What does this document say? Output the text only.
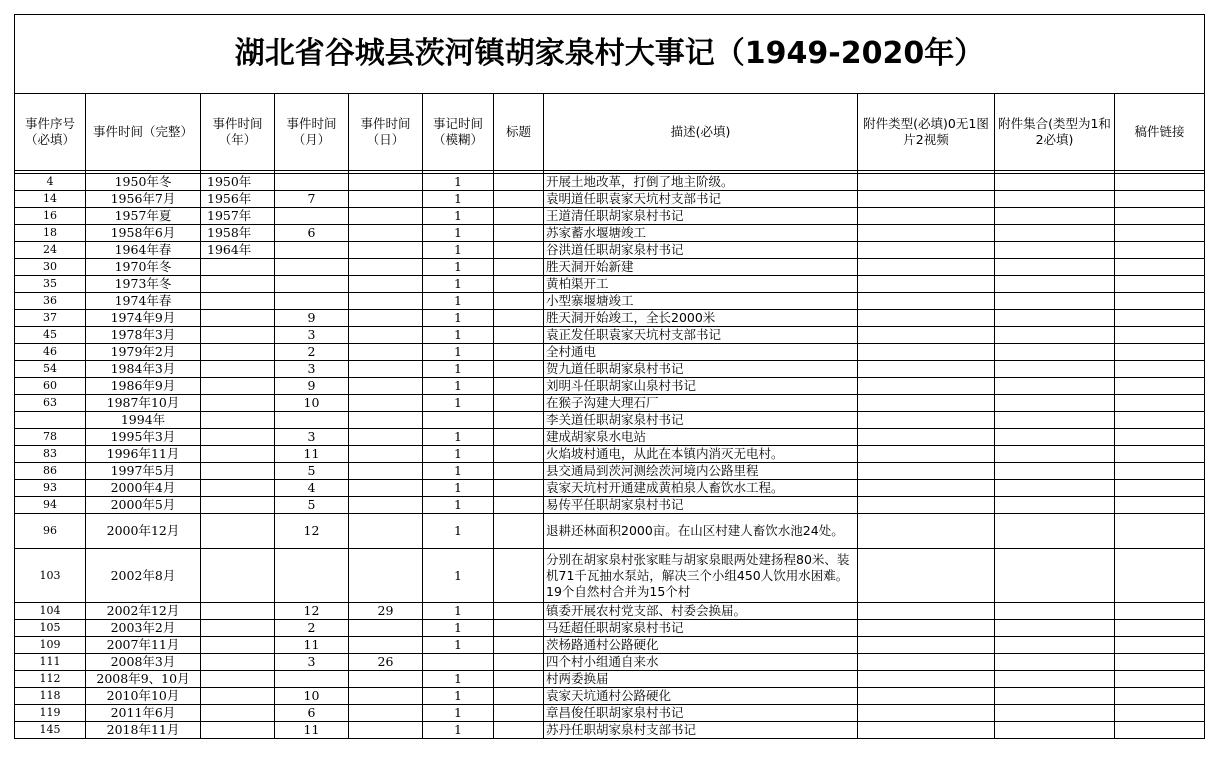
湖北省谷城县茨河镇胡家泉村大事记（1949-2020年）										
事件序号（必填）	事件时间（完整）	事件时间（年）	事件时间（月）	事件时间（日）	事记时间（模糊）	标题	描述(必填)	附件类型(必填)0无1图片2视频	附件集合(类型为1和2必填)	稿件链接

4	1950年冬	1950年			1		开展土地改革，打倒了地主阶级。			
14	1956年7月	1956年	7		1		袁明道任职袁家天坑村支部书记			
16	1957年夏	1957年			1		王道清任职胡家泉村书记			
18	1958年6月	1958年	6		1		苏家蓄水堰塘竣工			
24	1964年春	1964年			1		谷洪道任职胡家泉村书记			
30	1970年冬				1		胜天洞开始新建			
35	1973年冬				1		黄柏渠开工			
36	1974年春				1		小型寨堰塘竣工			
37	1974年9月		9		1		胜天洞开始竣工，全长2000米			
45	1978年3月		3		1		袁正发任职袁家天坑村支部书记			
46	1979年2月		2		1		全村通电			
54	1984年3月		3		1		贺九道任职胡家泉村书记			
60	1986年9月		9		1		刘明斗任职胡家山泉村书记			
63	1987年10月		10		1		在猴子沟建大理石厂			
	1994年						李关道任职胡家泉村书记			
78	1995年3月		3		1		建成胡家泉水电站			
83	1996年11月		11		1		火焰坡村通电，从此在本镇内消灭无电村。			
86	1997年5月		5		1		县交通局到茨河测绘茨河境内公路里程			
93	2000年4月		4		1		袁家天坑村开通建成黄柏泉人畜饮水工程。			
94	2000年5月		5		1		易传平任职胡家泉村书记			
96	2000年12月		12		1		退耕还林面积2000亩。在山区村建人畜饮水池24处。			
103	2002年8月				1		分别在胡家泉村张家畦与胡家泉眼两处建扬程80米、装机71千瓦抽水泵站，解决三个小组450人饮用水困难。19个自然村合并为15个村			
104	2002年12月		12	29	1		镇委开展农村党支部、村委会换届。			
105	2003年2月		2		1		马廷超任职胡家泉村书记			
109	2007年11月		11		1		茨杨路通村公路硬化			
111	2008年3月		3	26			四个村小组通自来水			
112	2008年9、10月				1		村两委换届			
118	2010年10月		10		1		袁家天坑通村公路硬化			
119	2011年6月		6		1		章昌俊任职胡家泉村书记			
145	2018年11月		11		1		苏丹任职胡家泉村支部书记			
